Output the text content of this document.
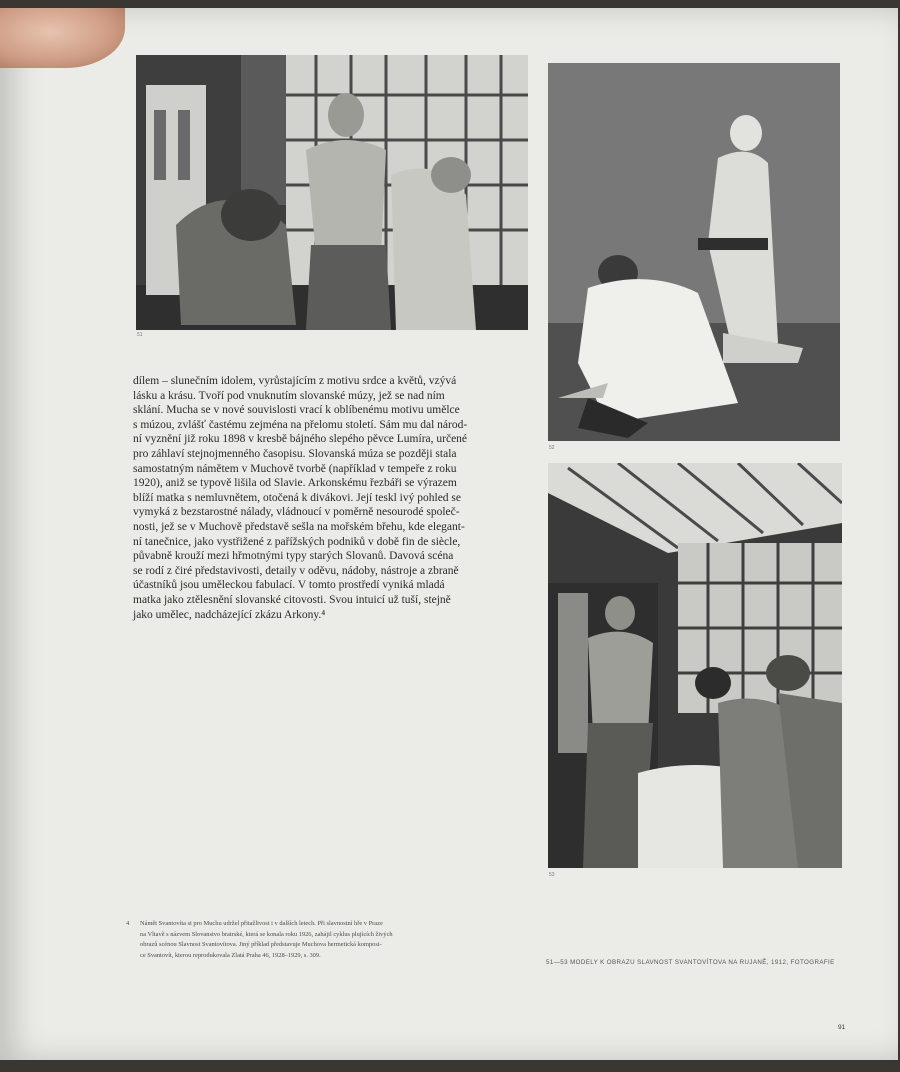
51
52
53
dílem – slunečním idolem, vyrůstajícím z motivu srdce a květů, vzývá
lásku a krásu. Tvoří pod vnuknutím slovanské múzy, jež se nad ním
sklání. Mucha se v nové souvislosti vrací k oblíbenému motivu umělce
s múzou, zvlášť častému zejména na přelomu století. Sám mu dal národ-
ní vyznění již roku 1898 v kresbě bájného slepého pěvce Lumíra, určené
pro záhlaví stejnojmenného časopisu. Slovanská múza se později stala
samostatným námětem v Muchově tvorbě (například v tempeře z roku
1920), aniž se typově lišila od Slavie. Arkonskému řezbáři se výrazem
blíží matka s nemluvnětem, otočená k divákovi. Její teskl ivý pohled se
vymyká z bezstarostné nálady, vládnoucí v poměrně nesourodé společ-
nosti, jež se v Muchově představě sešla na mořském břehu, kde elegant-
ní tanečnice, jako vystřižené z pařížských podniků v době fin de siècle,
půvabně krouží mezi hřmotnými typy starých Slovanů. Davová scéna
se rodí z čiré představivosti, detaily v oděvu, nádoby, nástroje a zbraně
účastníků jsou uměleckou fabulací. V tomto prostředí vyniká mladá
matka jako ztělesnění slovanské citovosti. Svou intuicí už tuší, stejně
jako umělec, nadcházející zkázu Arkony.⁴
4 Námět Svantovíta si pro Muchu udržel přitažlivost i v dalších letech. Při slavnostní hře v Praze
na Vltavě s názvem Slovanstvo bratrské, která se konala roku 1926, zahájil cyklus plujících živých
obrazů scénou Slavnost Svantovítova. Jiný příklad představuje Muchova hermetická komposi-
ce Svantovít, kterou reprodukovala Zlatá Praha 46, 1928–1929, s. 309.
51—53 MODELY K OBRAZU SLAVNOST SVANTOVÍTOVA NA RUJANĚ, 1912, FOTOGRAFIE
91
